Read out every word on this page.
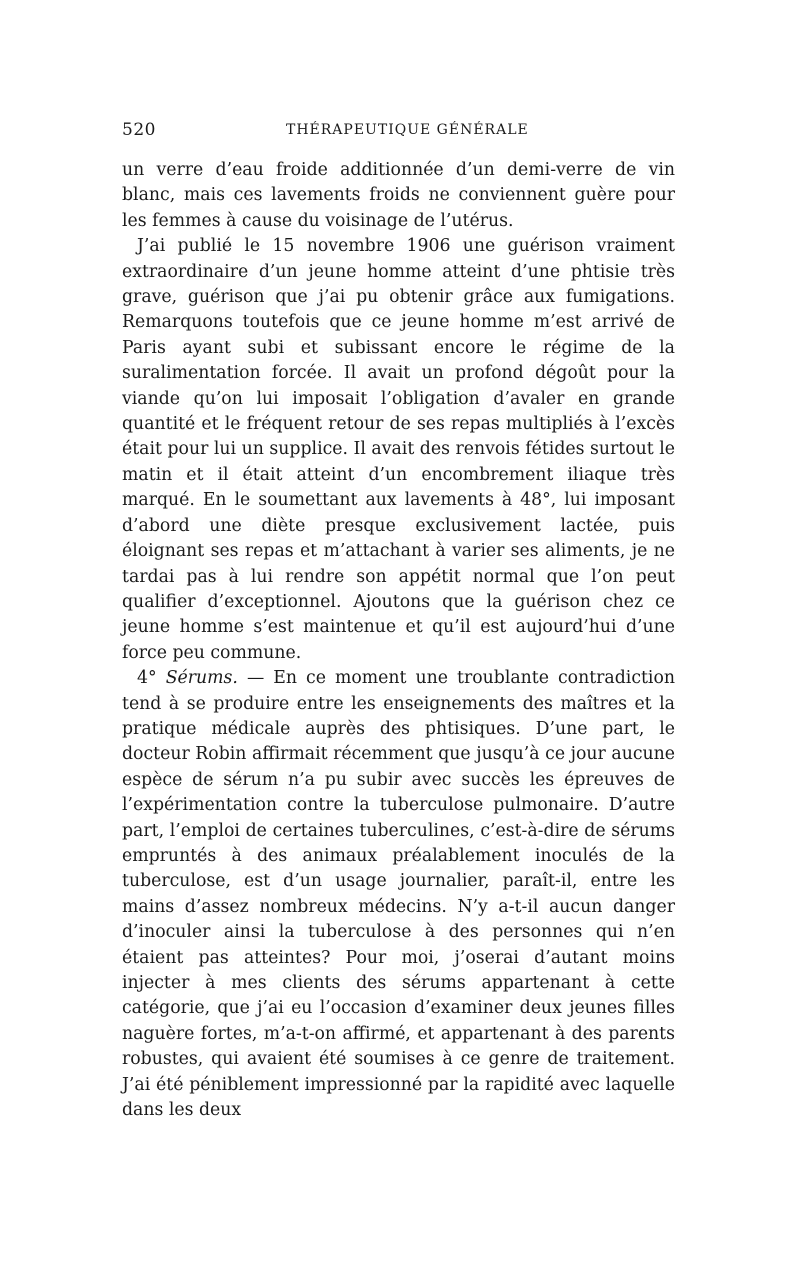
520	THÉRAPEUTIQUE GÉNÉRALE

un verre d’eau froide additionnée d’un demi-verre de vin blanc, mais ces lavements froids ne conviennent guère pour les femmes à cause du voisinage de l’utérus.

J’ai publié le 15 novembre 1906 une guérison vraiment extraordinaire d’un jeune homme atteint d’une phtisie très grave, guérison que j’ai pu obtenir grâce aux fumigations. Remarquons toutefois que ce jeune homme m’est arrivé de Paris ayant subi et subissant encore le régime de la suralimentation forcée. Il avait un profond dégoût pour la viande qu’on lui imposait l’obligation d’avaler en grande quantité et le fréquent retour de ses repas multipliés à l’excès était pour lui un supplice. Il avait des renvois fétides surtout le matin et il était atteint d’un encombrement iliaque très marqué. En le soumettant aux lavements à 48°, lui imposant d’abord une diète presque exclusivement lactée, puis éloignant ses repas et m’attachant à varier ses aliments, je ne tardai pas à lui rendre son appétit normal que l’on peut qualifier d’exceptionnel. Ajoutons que la guérison chez ce jeune homme s’est maintenue et qu’il est aujourd’hui d’une force peu commune.

4° Sérums. — En ce moment une troublante contradiction tend à se produire entre les enseignements des maîtres et la pratique médicale auprès des phtisiques. D’une part, le docteur Robin affirmait récemment que jusqu’à ce jour aucune espèce de sérum n’a pu subir avec succès les épreuves de l’expérimentation contre la tuberculose pulmonaire. D’autre part, l’emploi de certaines tuberculines, c’est-à-dire de sérums empruntés à des animaux préalablement inoculés de la tuberculose, est d’un usage journalier, paraît-il, entre les mains d’assez nombreux médecins. N’y a-t-il aucun danger d’inoculer ainsi la tuberculose à des personnes qui n’en étaient pas atteintes? Pour moi, j’oserai d’autant moins injecter à mes clients des sérums appartenant à cette catégorie, que j’ai eu l’occasion d’examiner deux jeunes filles naguère fortes, m’a-t-on affirmé, et appartenant à des parents robustes, qui avaient été soumises à ce genre de traitement. J’ai été péniblement impressionné par la rapidité avec laquelle dans les deux
